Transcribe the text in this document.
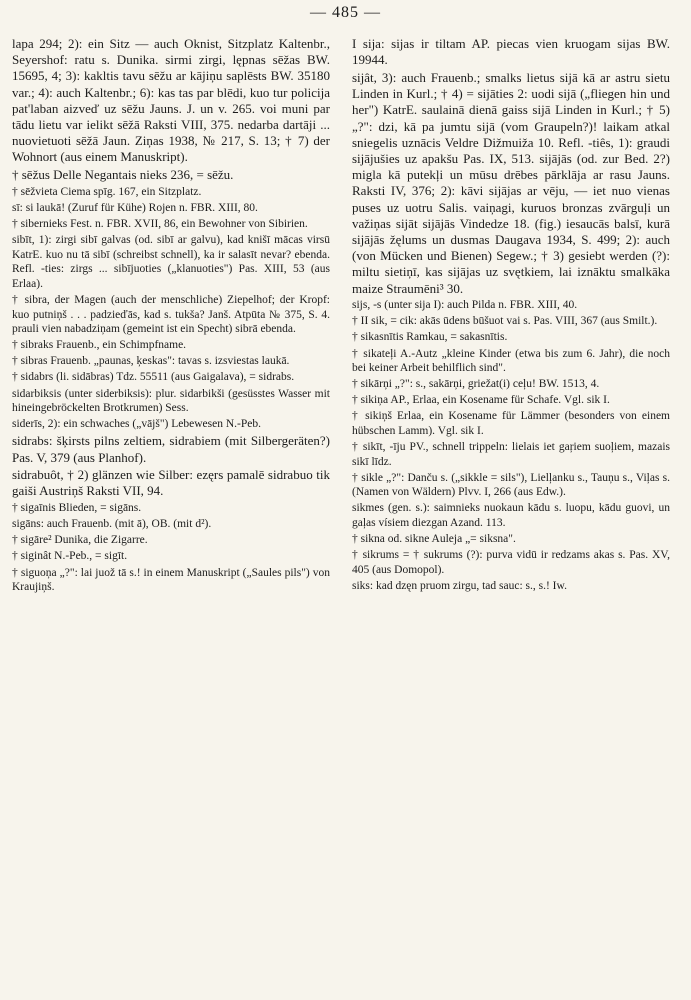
— 485 —
lapa 294; 2): ein Sitz — auch Oknist, Sitzplatz Kaltenbr., Seyershof: ratu s. Dunika. sirmi zirgi, lępnas sēžas BW. 15695, 4; 3): kakltis tavu sēžu ar kājiņu saplēsts BW. 35180 var.; 4): auch Kaltenbr.; 6): kas tas par blēdi, kuo tur policija pat'laban aizveď uz sēžu Jauns. J. un v. 265. voi muni par tādu lietu var ielikt sēžā Raksti VIII, 375. nedarba dartāji ... nuovietuoti sēžā Jaun. Ziņas 1938, № 217, S. 13; † 7) der Wohnort (aus einem Manuskript).
† sēžus Delle Negantais nieks 236, = sēžu.
† sēžvieta Ciema spīg. 167, ein Sitzplatz.
sī: si laukā! (Zuruf für Kühe) Rojen n. FBR. XIII, 80.
† sibernieks Fest. n. FBR. XVII, 86, ein Bewohner von Sibirien.
sibīt, 1): zirgi sibī galvas (od. sibī ar galvu), kad knišī mācas virsū KatrE. kuo nu tā sibī (schreibst schnell), ka ir salasīt nevar? ebenda. Refl. -ties: zirgs ... sibījuoties („klanuoties") Pas. XIII, 53 (aus Erlaa).
† sibra, der Magen (auch der menschliche) Ziepelhof; der Kropf: kuo putniņš . . . padzieďās, kad s. tukša? Janš. Atpūta № 375, S. 4. prauli vien nabadziņam (gemeint ist ein Specht) sibrā ebenda.
† sibraks Frauenb., ein Schimpfname.
† sibras Frauenb. „paunas, ķeskas": tavas s. izsviestas laukā.
† sidabrs (li. sidābras) Tdz. 55511 (aus Gaigalava), = sidrabs.
sidarbiksis (unter siderbiksis): plur. sidarbikši (gesüsstes Wasser mit hineingebröckelten Brotkrumen) Sess.
siderīs, 2): ein schwaches („vājš") Lebewesen N.-Peb.
sidrabs: šķirsts pilns zeltiem, sidrabiem (mit Silbergeräten?) Pas. V, 379 (aus Planhof).
sidrabuôt, † 2) glänzen wie Silber: ezęrs pamalē sidrabuo tik gaiši Austriņš Raksti VII, 94.
† sigaīnis Blieden, = sigāns.
sigāns: auch Frauenb. (mit ā), OB. (mit d²).
† sigāre² Dunika, die Zigarre.
† siginât N.-Peb., = sigīt.
† siguoņa „?": lai juož tā s.! in einem Manuskript („Saules pils") von Kraujiņš.
I sija: sijas ir tiltam AP. piecas vien kruogam sijas BW. 19944.
sijât, 3): auch Frauenb.; smalks lietus sijā kā ar astru sietu Linden in Kurl.; † 4) = sijāties 2: uodi sijā („fliegen hin und her") KatrE. saulainā dienā gaiss sijā Linden in Kurl.; † 5) „?": dzi, kā pa jumtu sijā (vom Graupeln?)! laikam atkal sniegelis uznācis Veldre Dižmuiža 10. Refl. -tiês, 1): graudi sijājušies uz apakšu Pas. IX, 513. sijājās (od. zur Bed. 2?) migla kā putekļi un mūsu drēbes pārklāja ar rasu Jauns. Raksti IV, 376; 2): kāvi sijājas ar vēju, — iet nuo vienas puses uz uotru Salis. vaiņagi, kuruos bronzas zvārguļi un važiņas sijāt sijājās Vindedze 18. (fig.) iesaucās balsī, kurā sijājās žęlums un dusmas Daugava 1934, S. 499; 2): auch (von Mücken und Bienen) Segew.; † 3) gesiebt werden (?): miltu sietiņī, kas sijājas uz svętkiem, lai iznāktu smalkāka maize Straumēni³ 30.
sijs, -s (unter sija I): auch Pilda n. FBR. XIII, 40.
† II sik, = cik: akās ūdens būšuot vai s. Pas. VIII, 367 (aus Smilt.).
† sikasnītis Ramkau, = sakasnītis.
† sikateļi A.-Autz „kleine Kinder (etwa bis zum 6. Jahr), die noch bei keiner Arbeit behilflich sind".
† sikārņi „?": s., sakārņi, griežat(i) ceļu! BW. 1513, 4.
† sikiņa AP., Erlaa, ein Kosename für Schafe. Vgl. sik I.
† sikiņš Erlaa, ein Kosename für Lämmer (besonders von einem hübschen Lamm). Vgl. sik I.
† sikīt, -īju PV., schnell trippeln: lielais iet gaŗiem suoļiem, mazais sikī līdz.
† sikle „?": Danču s. („sikkle = sils"), Lielļanku s., Tauņu s., Viļas s. (Namen von Wäldern) Plvv. I, 266 (aus Edw.).
sikmes (gen. s.): saimnieks nuokaun kādu s. luopu, kādu guovi, un gaļas vísiem diezgan Azand. 113.
† sikna od. sikne Auleja „= siksna".
† sikrums = † sukrums (?): purva vidū ir redzams akas s. Pas. XV, 405 (aus Domopol).
siks: kad dzęn pruom zirgu, tad sauc: s., s.! Iw.
